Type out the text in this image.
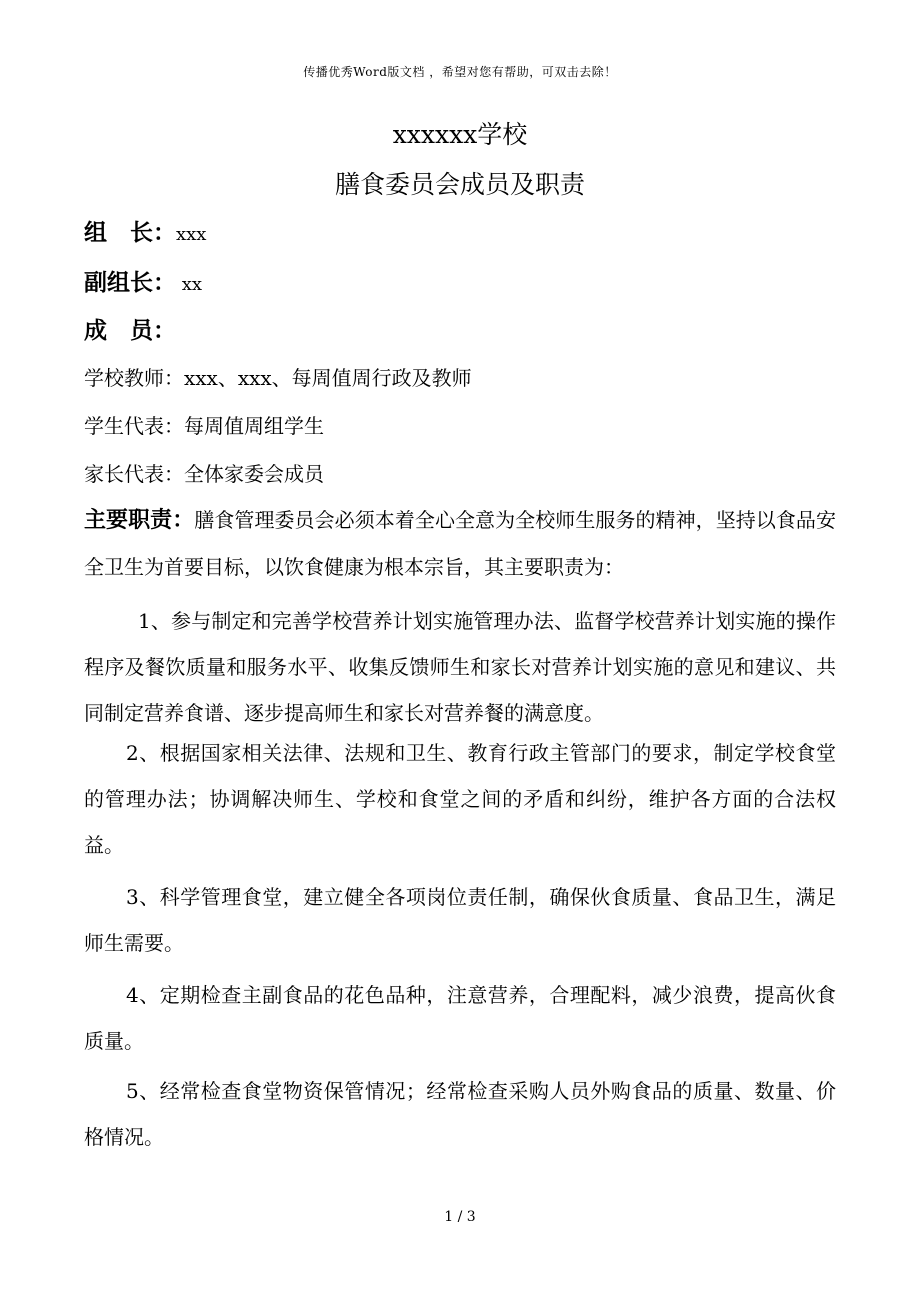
传播优秀Word版文档 ，希望对您有帮助，可双击去除！
xxxxxx学校
膳食委员会成员及职责
组　长：xxx
副组长： xx
成　员：
学校教师：xxx、xxx、每周值周行政及教师
学生代表：每周值周组学生
家长代表：全体家委会成员

主要职责：膳食管理委员会必须本着全心全意为全校师生服务的精神，坚持以食品安全卫生为首要目标，以饮食健康为根本宗旨，其主要职责为：

1、参与制定和完善学校营养计划实施管理办法、监督学校营养计划实施的操作程序及餐饮质量和服务水平、收集反馈师生和家长对营养计划实施的意见和建议、共同制定营养食谱、逐步提高师生和家长对营养餐的满意度。

2、根据国家相关法律、法规和卫生、教育行政主管部门的要求，制定学校食堂的管理办法；协调解决师生、学校和食堂之间的矛盾和纠纷，维护各方面的合法权益。

3、科学管理食堂，建立健全各项岗位责任制，确保伙食质量、食品卫生，满足师生需要。

4、定期检查主副食品的花色品种，注意营养，合理配料，减少浪费，提高伙食质量。

5、经常检查食堂物资保管情况；经常检查采购人员外购食品的质量、数量、价格情况。

1 / 3
